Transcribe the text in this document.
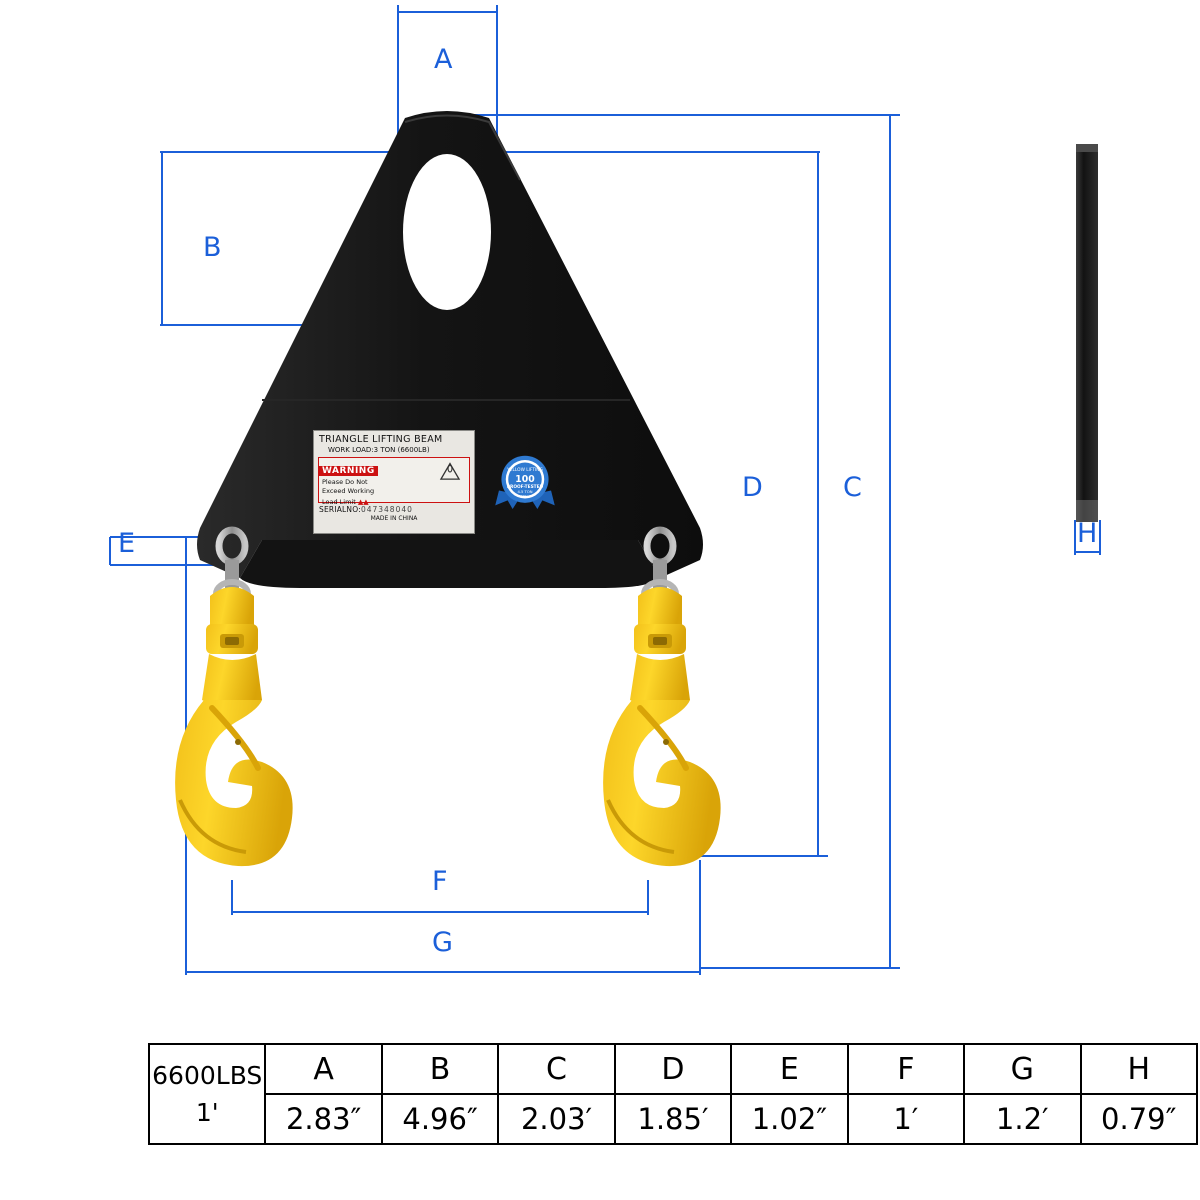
A
B
C
D
E
F
G
H
TRIANGLE LIFTING BEAM
WORK LOAD:3 TON (6600LB)
WARNING
Please Do Not
Exceed Working
Load Limit ▲▲
SERIALNO:047348040
MADE IN CHINA
YELLOW LIFTING
100
PROOF-TESTED
4.5 TON
9900 LB
6600LBS
1'	A	B	C	D	E	F	G	H
	2.83″	4.96″	2.03′	1.85′	1.02″	1′	1.2′	0.79″
